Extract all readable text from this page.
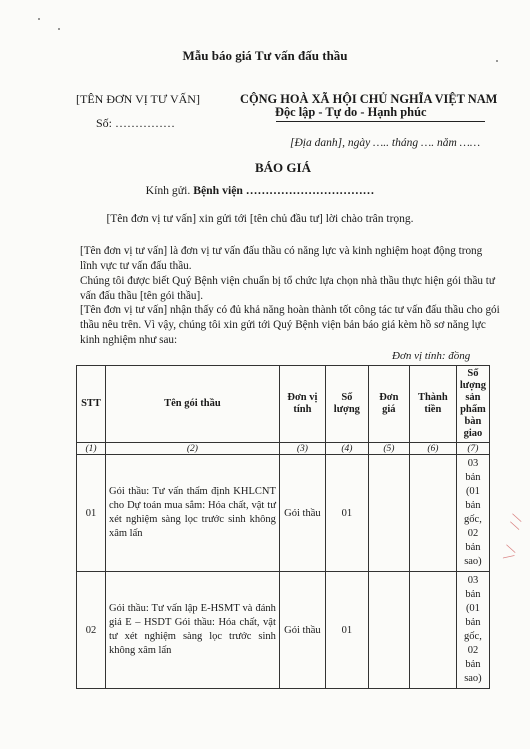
Mẫu báo giá Tư vấn đấu thầu
[TÊN ĐƠN VỊ TƯ VẤN]	CỘNG HOÀ XÃ HỘI CHỦ NGHĨA VIỆT NAM
Độc lập - Tự do - Hạnh phúc
Số: ……………
[Địa danh], ngày ….. tháng …. năm ……
BÁO GIÁ
Kính gửi. Bệnh viện ……………………………
[Tên đơn vị tư vấn] xin gửi tới [tên chủ đầu tư] lời chào trân trọng.

[Tên đơn vị tư vấn] là đơn vị tư vấn đấu thầu có năng lực và kinh nghiệm hoạt động trong lĩnh vực tư vấn đấu thầu.

Chúng tôi được biết Quý Bệnh viện chuẩn bị tổ chức lựa chọn nhà thầu thực hiện gói thầu tư vấn đấu thầu [tên gói thầu].

[Tên đơn vị tư vấn] nhận thấy có đủ khả năng hoàn thành tốt công tác tư vấn đấu thầu cho gói thầu nêu trên. Vì vậy, chúng tôi xin gửi tới Quý Bệnh viện bản báo giá kèm hồ sơ năng lực kinh nghiệm như sau:

Đơn vị tính: đồng
STT	Tên gói thầu	Đơn vị tính	Số lượng	Đơn giá	Thành tiền	Số lượng sản phẩm bàn giao
(1)	(2)	(3)	(4)	(5)	(6)	(7)
01	Gói thầu: Tư vấn thẩm định KHLCNT cho Dự toán mua sắm: Hóa chất, vật tư xét nghiệm sàng lọc trước sinh không xâm lấn	Gói thầu	01			03 bản (01 bản gốc, 02 bản sao)
02	Gói thầu: Tư vấn lập E-HSMT và đánh giá E – HSDT Gói thầu: Hóa chất, vật tư xét nghiệm sàng lọc trước sinh không xâm lấn	Gói thầu	01			03 bản (01 bản gốc, 02 bản sao)
╱ ╱
╲ ╱
